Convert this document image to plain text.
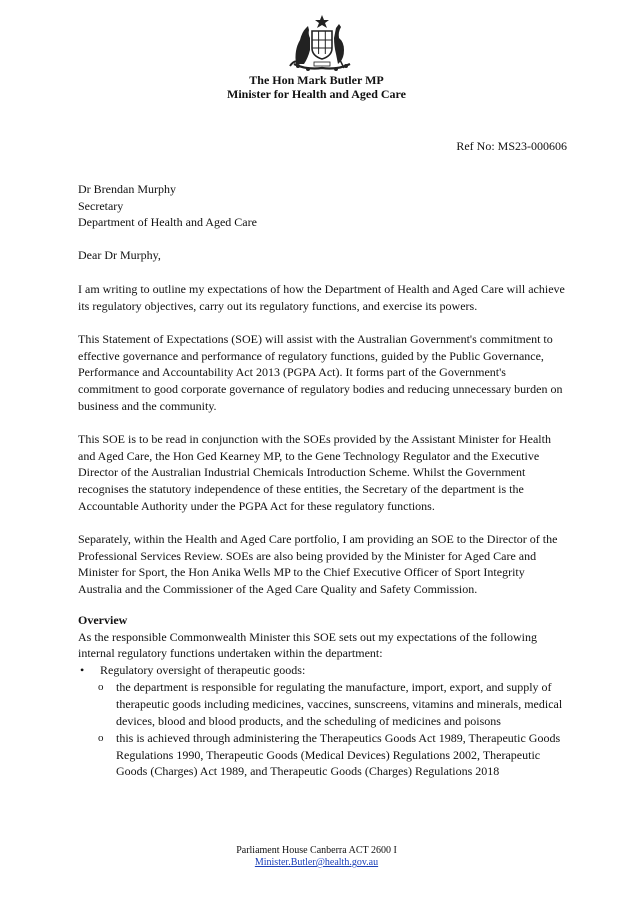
The Hon Mark Butler MP
Minister for Health and Aged Care
Ref No: MS23-000606
Dr Brendan Murphy
Secretary
Department of Health and Aged Care
Dear Dr Murphy,

I am writing to outline my expectations of how the Department of Health and Aged Care will achieve its regulatory objectives, carry out its regulatory functions, and exercise its powers.

This Statement of Expectations (SOE) will assist with the Australian Government's commitment to effective governance and performance of regulatory functions, guided by the Public Governance, Performance and Accountability Act 2013 (PGPA Act). It forms part of the Government's commitment to good corporate governance of regulatory bodies and reducing unnecessary burden on business and the community.

This SOE is to be read in conjunction with the SOEs provided by the Assistant Minister for Health and Aged Care, the Hon Ged Kearney MP, to the Gene Technology Regulator and the Executive Director of the Australian Industrial Chemicals Introduction Scheme. Whilst the Government recognises the statutory independence of these entities, the Secretary of the department is the Accountable Authority under the PGPA Act for these regulatory functions.

Separately, within the Health and Aged Care portfolio, I am providing an SOE to the Director of the Professional Services Review. SOEs are also being provided by the Minister for Aged Care and Minister for Sport, the Hon Anika Wells MP to the Chief Executive Officer of Sport Integrity Australia and the Commissioner of the Aged Care Quality and Safety Commission.

Overview
As the responsible Commonwealth Minister this SOE sets out my expectations of the following internal regulatory functions undertaken within the department:
• Regulatory oversight of therapeutic goods:
o the department is responsible for regulating the manufacture, import, export, and supply of therapeutic goods including medicines, vaccines, sunscreens, vitamins and minerals, medical devices, blood and blood products, and the scheduling of medicines and poisons
o this is achieved through administering the Therapeutics Goods Act 1989, Therapeutic Goods Regulations 1990, Therapeutic Goods (Medical Devices) Regulations 2002, Therapeutic Goods (Charges) Act 1989, and Therapeutic Goods (Charges) Regulations 2018
Parliament House Canberra ACT 2600 I
Minister.Butler@health.gov.au
